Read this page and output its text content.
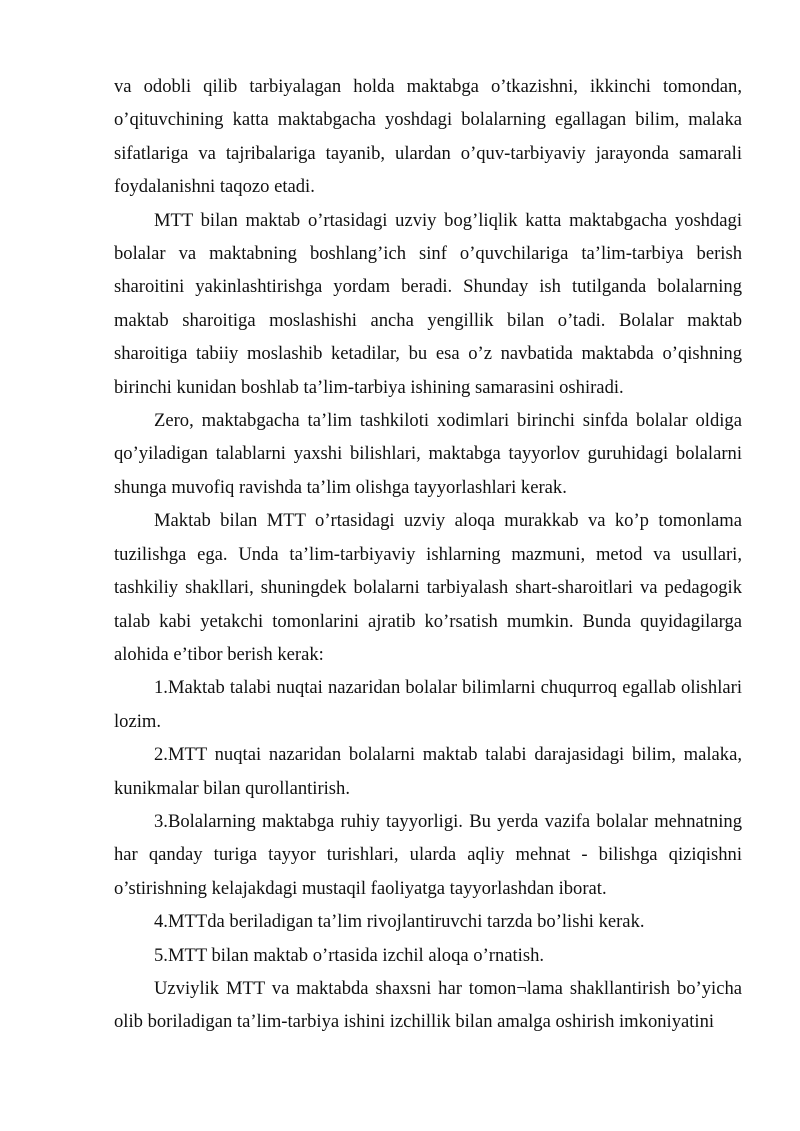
va odobli qilib tarbiyalagan holda maktabga o’tkazishni, ikkinchi tomondan, o’qituvchining katta maktabgacha yoshdagi bolalarning egallagan bilim, malaka sifatlariga va tajribalariga tayanib, ulardan o’quv-tarbiyaviy jarayonda samarali foydalanishni taqozo etadi.

MTT bilan maktab o’rtasidagi uzviy bog’liqlik katta maktabgacha yoshdagi bolalar va maktabning boshlang’ich sinf o’quvchilariga ta’lim-tarbiya berish sharoitini yakinlashtirishga yordam beradi. Shunday ish tutilganda bolalarning maktab sharoitiga moslashishi ancha yengillik bilan o’tadi. Bolalar maktab sharoitiga tabiiy moslashib ketadilar, bu esa o’z navbatida maktabda o’qishning birinchi kunidan boshlab ta’lim-tarbiya ishining samarasini oshiradi.

Zero, maktabgacha ta’lim tashkiloti xodimlari birinchi sinfda bolalar oldiga qo’yiladigan talablarni yaxshi bilishlari, maktabga tayyorlov guruhidagi bolalarni shunga muvofiq ravishda ta’lim olishga tayyorlashlari kerak.

Maktab bilan MTT o’rtasidagi uzviy aloqa murakkab va ko’p tomonlama tuzilishga ega. Unda ta’lim-tarbiyaviy ishlarning mazmuni, metod va usullari, tashkiliy shakllari, shuningdek bolalarni tarbiyalash shart-sharoitlari va pedagogik talab kabi yetakchi tomonlarini ajratib ko’rsatish mumkin. Bunda quyidagilarga alohida e’tibor berish kerak:

1.Maktab talabi nuqtai nazaridan bolalar bilimlarni chuqurroq egallab olishlari lozim.

2.MTT nuqtai nazaridan bolalarni maktab talabi darajasidagi bilim, malaka, kunikmalar bilan qurollantirish.

3.Bolalarning maktabga ruhiy tayyorligi. Bu yerda vazifa bolalar mehnatning har qanday turiga tayyor turishlari, ularda aqliy mehnat - bilishga qiziqishni o’stirishning kelajakdagi mustaqil faoliyatga tayyorlashdan iborat.

4.MTTda beriladigan ta’lim rivojlantiruvchi tarzda bo’lishi kerak.

5.MTT bilan maktab o’rtasida izchil aloqa o’rnatish.

Uzviylik MTT va maktabda shaxsni har tomon¬lama shakllantirish bo’yicha olib boriladigan ta’lim-tarbiya ishini izchillik bilan amalga oshirish imkoniyatini
